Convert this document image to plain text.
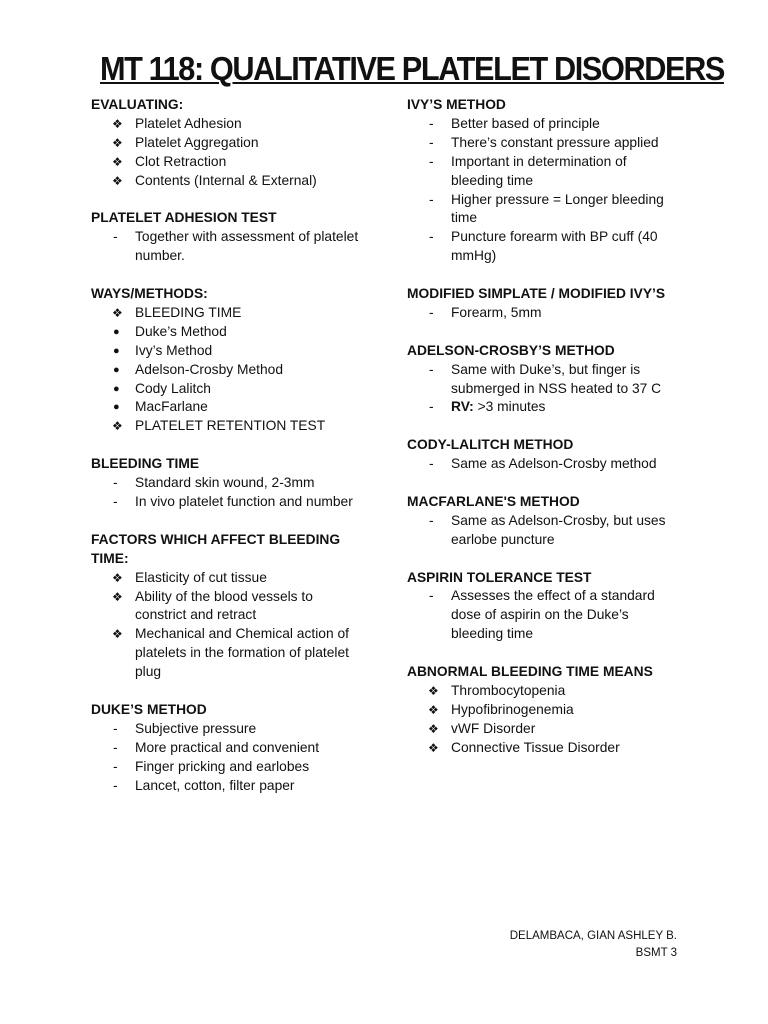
MT 118: QUALITATIVE PLATELET DISORDERS
EVALUATING:
❖ Platelet Adhesion
❖ Platelet Aggregation
❖ Clot Retraction
❖ Contents (Internal & External)
PLATELET ADHESION TEST
-	Together with assessment of platelet number.
WAYS/METHODS:
❖ BLEEDING TIME
●	Duke’s Method
●	Ivy’s Method
●	Adelson-Crosby Method
●	Cody Lalitch
●	MacFarlane
❖ PLATELET RETENTION TEST
BLEEDING TIME
-	Standard skin wound, 2-3mm
-	In vivo platelet function and number
FACTORS WHICH AFFECT BLEEDING TIME:
❖ Elasticity of cut tissue
❖ Ability of the blood vessels to constrict and retract
❖ Mechanical and Chemical action of platelets in the formation of platelet plug
DUKE’S METHOD
-	Subjective pressure
-	More practical and convenient
-	Finger pricking and earlobes
-	Lancet, cotton, filter paper
IVY’S METHOD
-	Better based of principle
-	There’s constant pressure applied
-	Important in determination of bleeding time
-	Higher pressure = Longer bleeding time
-	Puncture forearm with BP cuff (40 mmHg)
MODIFIED SIMPLATE / MODIFIED IVY’S
-	Forearm, 5mm
ADELSON-CROSBY’S METHOD
-	Same with Duke’s, but finger is submerged in NSS heated to 37 C
-	RV: >3 minutes
CODY-LALITCH METHOD
-	Same as Adelson-Crosby method
MACFARLANE'S METHOD
-	Same as Adelson-Crosby, but uses earlobe puncture
ASPIRIN TOLERANCE TEST
-	Assesses the effect of a standard dose of aspirin on the Duke’s bleeding time
ABNORMAL BLEEDING TIME MEANS
❖ Thrombocytopenia
❖ Hypofibrinogenemia
❖ vWF Disorder
❖ Connective Tissue Disorder
DELAMBACA, GIAN ASHLEY B.
BSMT 3
